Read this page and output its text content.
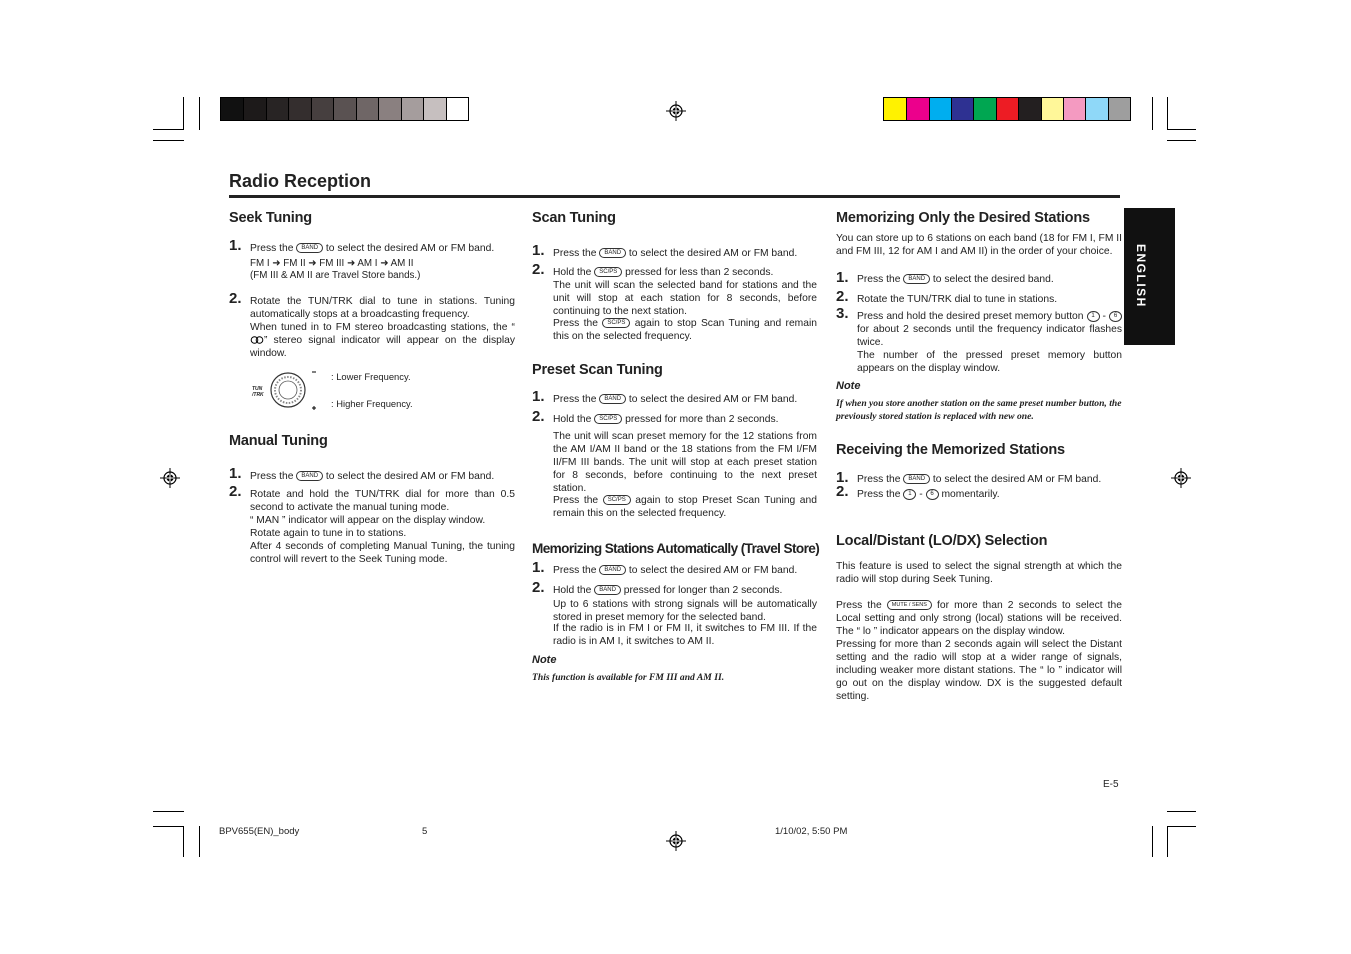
Radio Reception
ENGLISH
Seek Tuning
1. Press the BAND to select the desired AM or FM band.
FM I ➜ FM II ➜ FM III ➜ AM I ➜ AM II
(FM III & AM II are Travel Store bands.)
2. Rotate the TUN/TRK dial to tune in stations. Tuning automatically stops at a broadcasting frequency.
When tuned in to FM stereo broadcasting stations, the “” stereo signal indicator will appear on the display window.
TUN /TRK
: Lower Frequency.
: Higher Frequency.
Manual Tuning
1. Press the BAND to select the desired AM or FM band.
2. Rotate and hold the TUN/TRK dial for more than 0.5 second to activate the manual tuning mode.
“ MAN ” indicator will appear on the display window.
Rotate again to tune in to stations.
After 4 seconds of completing Manual Tuning, the tuning control will revert to the Seek Tuning mode.
Scan Tuning
1. Press the BAND to select the desired AM or FM band.
2. Hold the SC/PS pressed for less than 2 seconds.
The unit will scan the selected band for stations and the unit will stop at each station for 8 seconds, before continuing to the next station.
Press the SC/PS again to stop Scan Tuning and remain this on the selected frequency.
Preset Scan Tuning
1. Press the BAND to select the desired AM or FM band.
2. Hold the SC/PS pressed for more than 2 seconds.
The unit will scan preset memory for the 12 stations from the AM I/AM II band or the 18 stations from the FM I/FM II/FM III bands. The unit will stop at each preset station for 8 seconds, before continuing to the next preset station.
Press the SC/PS again to stop Preset Scan Tuning and remain this on the selected frequency.
Memorizing Stations Automatically (Travel Store)
1. Press the BAND to select the desired AM or FM band.
2. Hold the BAND pressed for longer than 2 seconds.
Up to 6 stations with strong signals will be automatically stored in preset memory for the selected band.
If the radio is in FM I or FM II, it switches to FM III. If the radio is in AM I, it switches to AM II.
Note
This function is available for FM III and AM II.
Memorizing Only the Desired Stations
You can store up to 6 stations on each band (18 for FM I, FM II and FM III, 12 for AM I and AM II) in the order of your choice.
1. Press the BAND to select the desired band.
2. Rotate the TUN/TRK dial to tune in stations.
3. Press and hold the desired preset memory button 1 - 6 for about 2 seconds until the frequency indicator flashes twice.
The number of the pressed preset memory button appears on the display window.
Note
If when you store another station on the same preset number button, the previously stored station is replaced with new one.
Receiving the Memorized Stations
1. Press the BAND to select the desired AM or FM band.
2. Press the 1 - 6 momentarily.
Local/Distant (LO/DX) Selection
This feature is used to select the signal strength at which the radio will stop during Seek Tuning.
Press the MUTE / SENS for more than 2 seconds to select the Local setting and only strong (local) stations will be received. The “ lo ” indicator appears on the display window.
Pressing for more than 2 seconds again will select the Distant setting and the radio will stop at a wider range of signals, including weaker more distant stations. The “ lo ” indicator will go out on the display window. DX is the suggested default setting.
E-5
BPV655(EN)_body	5	1/10/02, 5:50 PM
